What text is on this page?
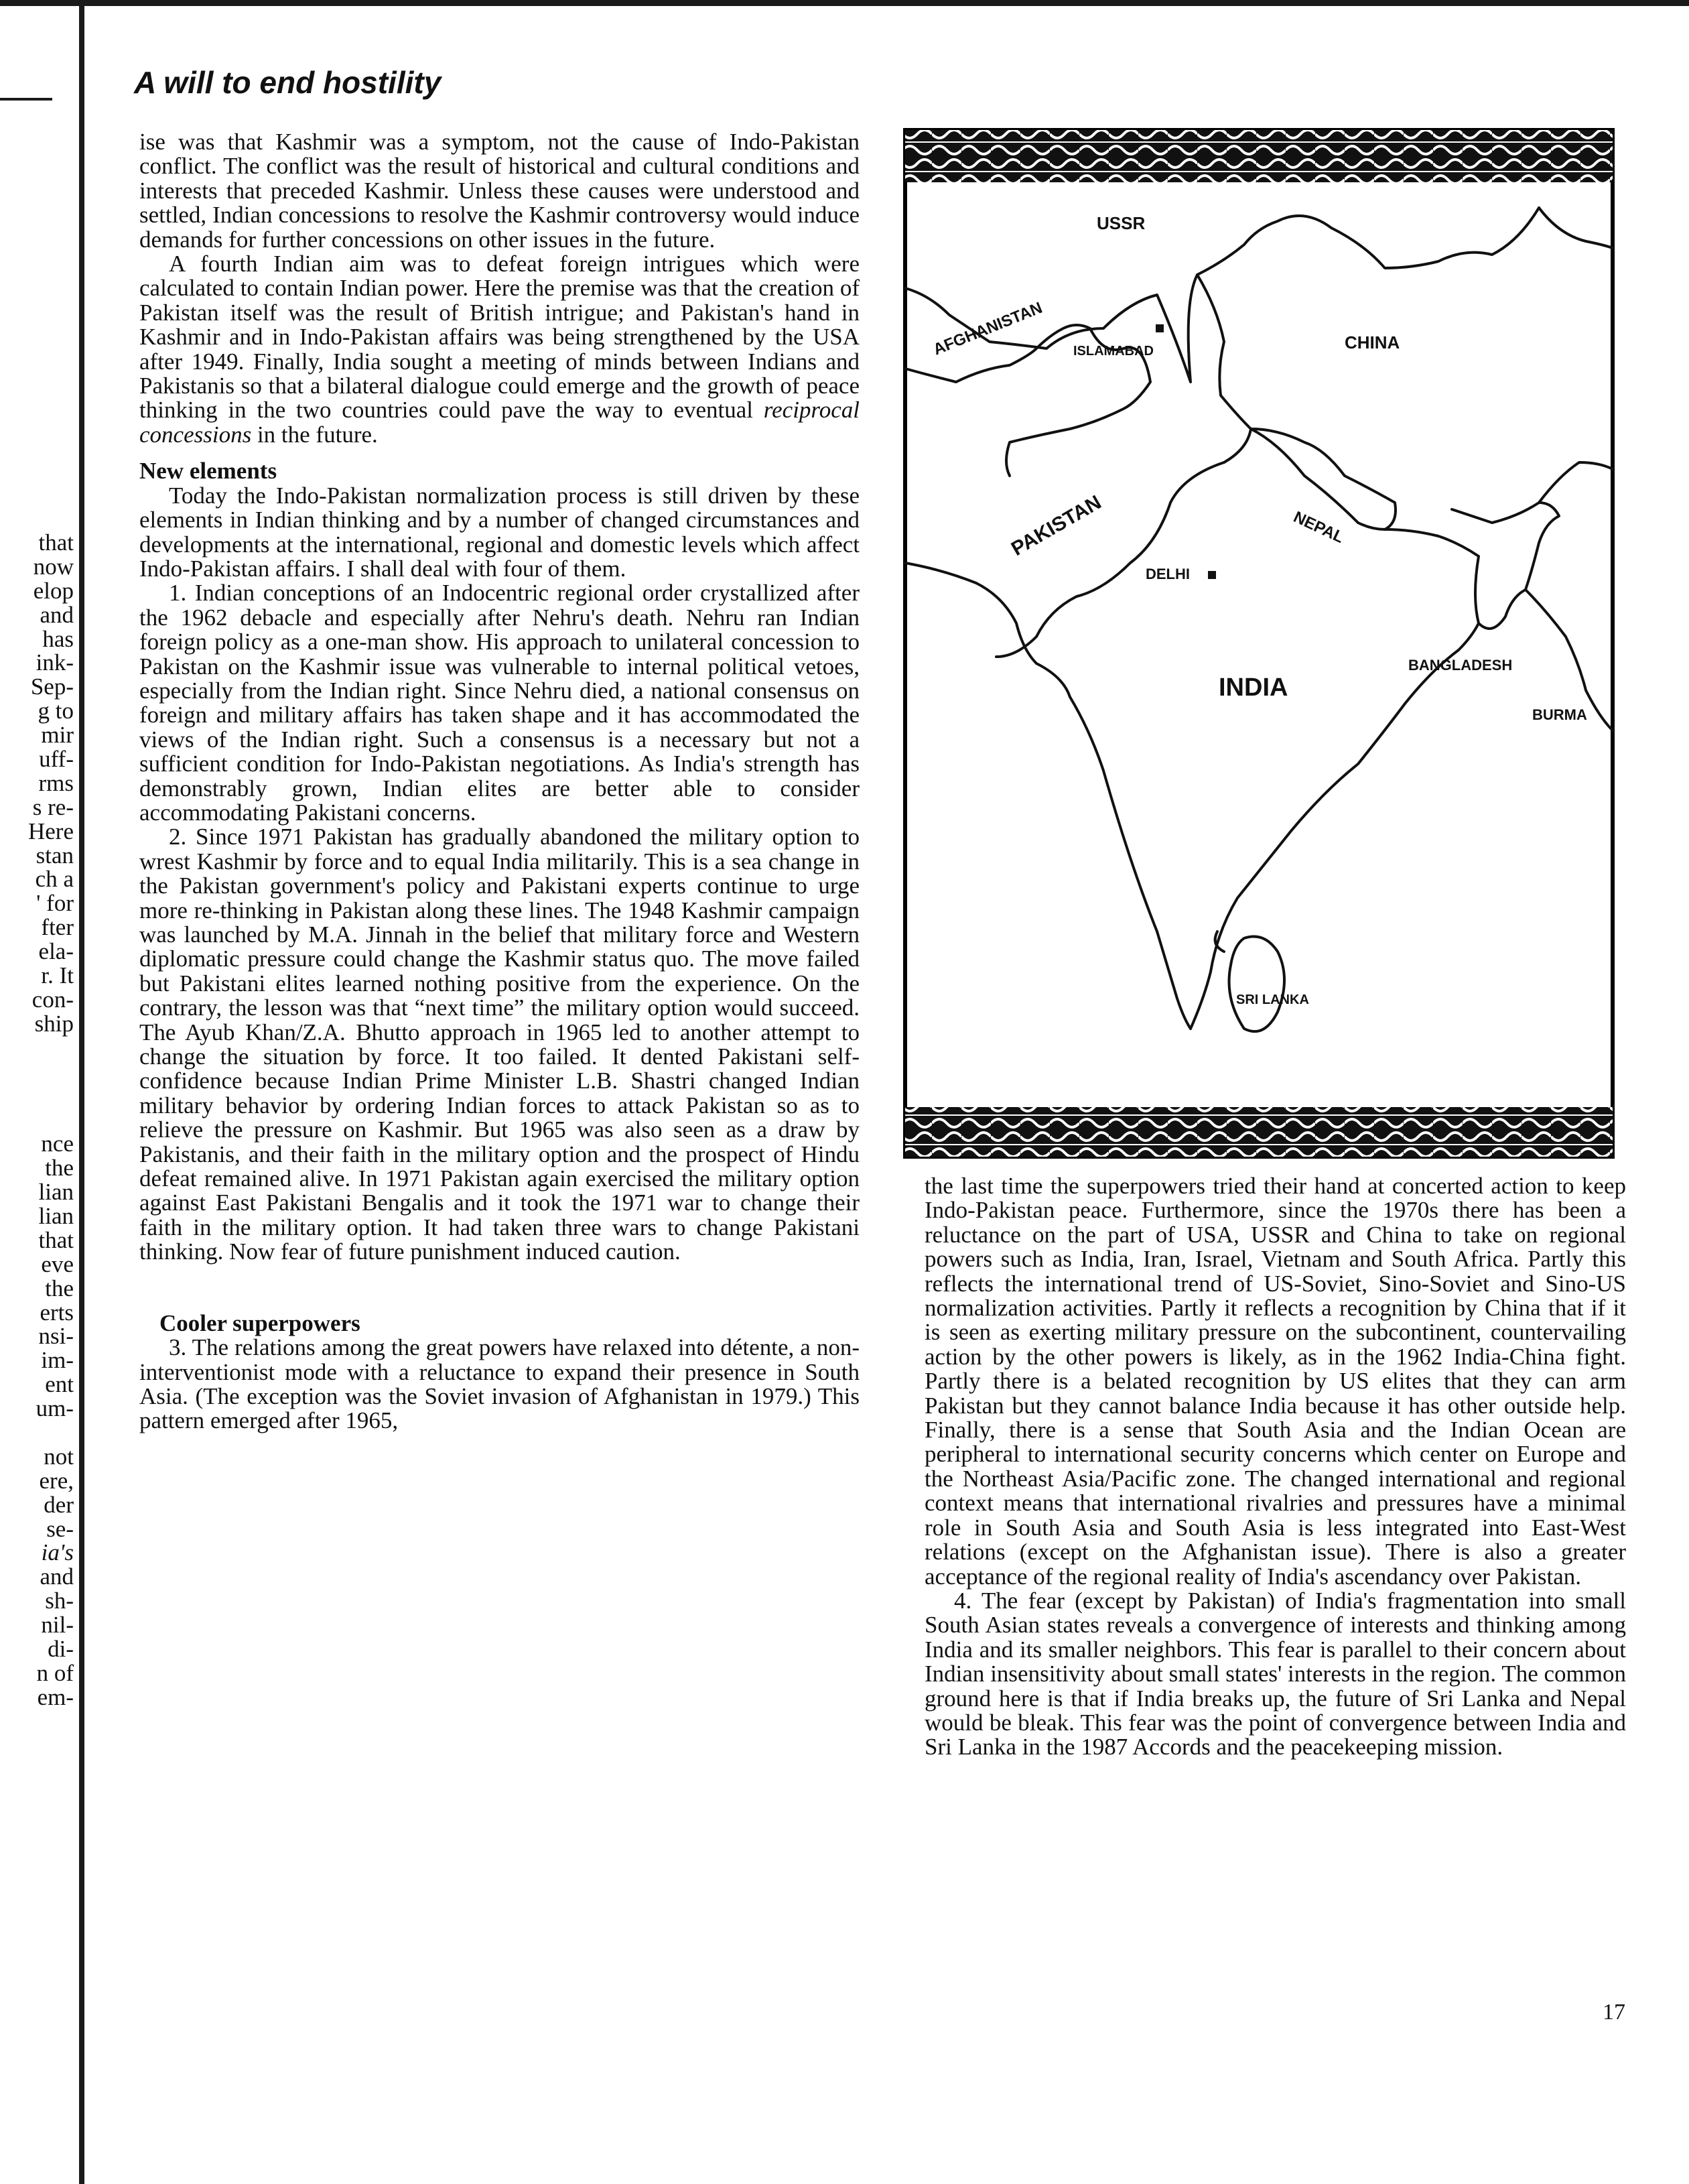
that
now
elop
and
has
ink-
Sep-
g to
mir
uff-
rms
s re-
Here
stan
ch a
' for
fter
ela-
r. It
con-
ship
nce
the
lian
lian
that
eve
the
erts
nsi-
im-
ent
um-
not
ere,
der
se-
ia's
and
sh-
nil-
di-
n of
em-
A will to end hostility

ise was that Kashmir was a symptom, not the cause of Indo-Pakistan conflict. The conflict was the result of historical and cultural conditions and interests that preceded Kashmir. Unless these causes were understood and settled, Indian concessions to resolve the Kashmir controversy would induce demands for further concessions on other issues in the future.

A fourth Indian aim was to defeat foreign intrigues which were calculated to contain Indian power. Here the premise was that the creation of Pakistan itself was the result of British intrigue; and Pakistan's hand in Kashmir and in Indo-Pakistan affairs was being strengthened by the USA after 1949. Finally, India sought a meeting of minds between Indians and Pakistanis so that a bilateral dialogue could emerge and the growth of peace thinking in the two countries could pave the way to eventual reciprocal concessions in the future.

New elements

Today the Indo-Pakistan normalization process is still driven by these elements in Indian thinking and by a number of changed circumstances and developments at the international, regional and domestic levels which affect Indo-Pakistan affairs. I shall deal with four of them.

1. Indian conceptions of an Indocentric regional order crystallized after the 1962 debacle and especially after Nehru's death. Nehru ran Indian foreign policy as a one-man show. His approach to unilateral concession to Pakistan on the Kashmir issue was vulnerable to internal political vetoes, especially from the Indian right. Since Nehru died, a national consensus on foreign and military affairs has taken shape and it has accommodated the views of the Indian right. Such a consensus is a necessary but not a sufficient condition for Indo-Pakistan negotiations. As India's strength has demonstrably grown, Indian elites are better able to consider accommodating Pakistani concerns.

2. Since 1971 Pakistan has gradually abandoned the military option to wrest Kashmir by force and to equal India militarily. This is a sea change in the Pakistan government's policy and Pakistani experts continue to urge more re-thinking in Pakistan along these lines. The 1948 Kashmir campaign was launched by M.A. Jinnah in the belief that military force and Western diplomatic pressure could change the Kashmir status quo. The move failed but Pakistani elites learned nothing positive from the experience. On the contrary, the lesson was that “next time” the military option would succeed. The Ayub Khan/Z.A. Bhutto approach in 1965 led to another attempt to change the situation by force. It too failed. It dented Pakistani self-confidence because Indian Prime Minister L.B. Shastri changed Indian military behavior by ordering Indian forces to attack Pakistan so as to relieve the pressure on Kashmir. But 1965 was also seen as a draw by Pakistanis, and their faith in the military option and the prospect of Hindu defeat remained alive. In 1971 Pakistan again exercised the military option against East Pakistani Bengalis and it took the 1971 war to change their faith in the military option. It had taken three wars to change Pakistani thinking. Now fear of future punishment induced caution.

Cooler superpowers

3. The relations among the great powers have relaxed into détente, a non-interventionist mode with a reluctance to expand their presence in South Asia. (The exception was the Soviet invasion of Afghanistan in 1979.) This pattern emerged after 1965,

USSR
CHINA
AFGHANISTAN ISLAMABAD
PAKISTAN
DELHI
NEPAL
BANGLADESH
INDIA
BURMA
SRI LANKA

the last time the superpowers tried their hand at concerted action to keep Indo-Pakistan peace. Furthermore, since the 1970s there has been a reluctance on the part of USA, USSR and China to take on regional powers such as India, Iran, Israel, Vietnam and South Africa. Partly this reflects the international trend of US-Soviet, Sino-Soviet and Sino-US normalization activities. Partly it reflects a recognition by China that if it is seen as exerting military pressure on the subcontinent, countervailing action by the other powers is likely, as in the 1962 India-China fight. Partly there is a belated recognition by US elites that they can arm Pakistan but they cannot balance India because it has other outside help. Finally, there is a sense that South Asia and the Indian Ocean are peripheral to international security concerns which center on Europe and the Northeast Asia/Pacific zone. The changed international and regional context means that international rivalries and pressures have a minimal role in South Asia and South Asia is less integrated into East-West relations (except on the Afghanistan issue). There is also a greater acceptance of the regional reality of India's ascendancy over Pakistan.

4. The fear (except by Pakistan) of India's fragmentation into small South Asian states reveals a convergence of interests and thinking among India and its smaller neighbors. This fear is parallel to their concern about Indian insensitivity about small states' interests in the region. The common ground here is that if India breaks up, the future of Sri Lanka and Nepal would be bleak. This fear was the point of convergence between India and Sri Lanka in the 1987 Accords and the peacekeeping mission.

17
